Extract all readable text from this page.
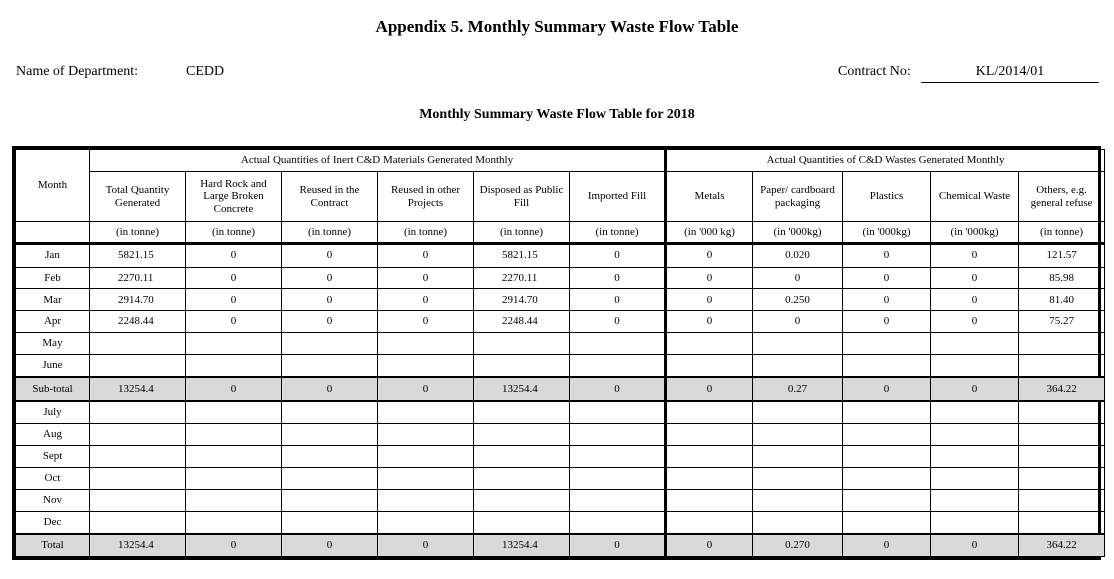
Appendix 5. Monthly Summary Waste Flow Table
Name of Department:	CEDD	Contract No:	KL/2014/01
Monthly Summary Waste Flow Table for 2018
Month	Actual Quantities of Inert C&D Materials Generated Monthly						Actual Quantities of C&D Wastes Generated Monthly				
	Total Quantity Generated	Hard Rock and Large Broken Concrete	Reused in the Contract	Reused in other Projects	Disposed as Public Fill	Imported Fill	Metals	Paper/ cardboard packaging	Plastics	Chemical Waste	Others, e.g. general refuse
	(in tonne)	(in tonne)	(in tonne)	(in tonne)	(in tonne)	(in tonne)	(in '000 kg)	(in '000kg)	(in '000kg)	(in '000kg)	(in tonne)
Jan	5821.15	0	0	0	5821.15	0	0	0.020	0	0	121.57
Feb	2270.11	0	0	0	2270.11	0	0	0	0	0	85.98
Mar	2914.70	0	0	0	2914.70	0	0	0.250	0	0	81.40
Apr	2248.44	0	0	0	2248.44	0	0	0	0	0	75.27
May											
June											
Sub-total	13254.4	0	0	0	13254.4	0	0	0.27	0	0	364.22
July											
Aug											
Sept											
Oct											
Nov											
Dec											
Total	13254.4	0	0	0	13254.4	0	0	0.270	0	0	364.22
